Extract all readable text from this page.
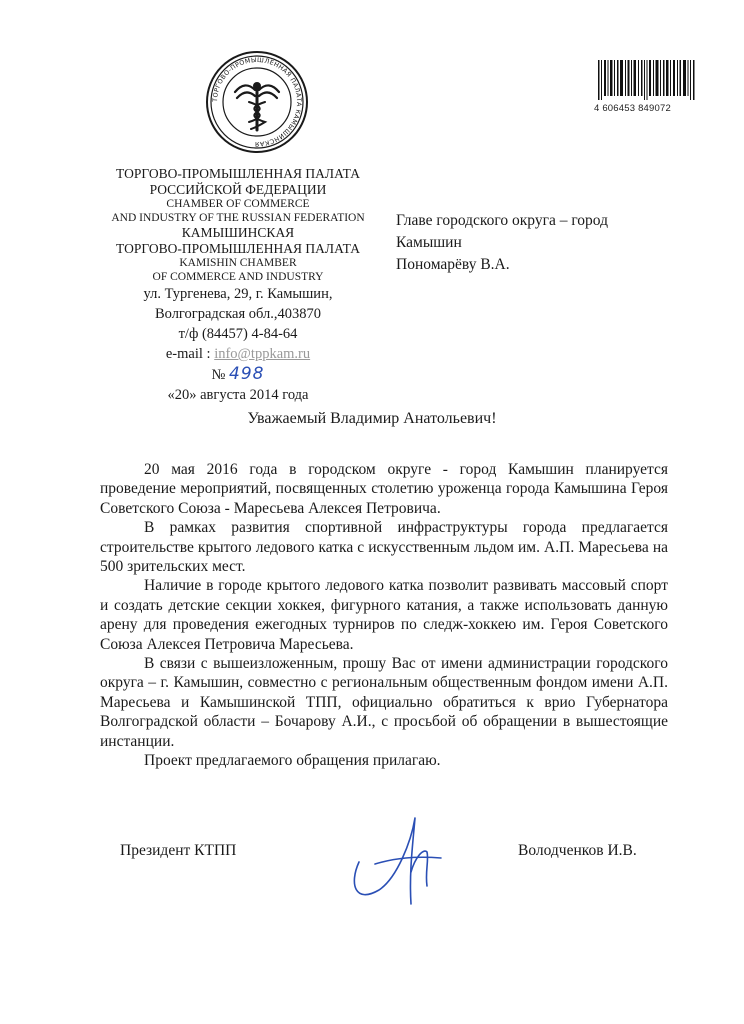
ТОРГОВО-ПРОМЫШЛЕННАЯ ПАЛАТА КАМЫШИНСКАЯ
4 606453 849072
ТОРГОВО-ПРОМЫШЛЕННАЯ ПАЛАТА
РОССИЙСКОЙ ФЕДЕРАЦИИ
CHAMBER OF COMMERCE
AND INDUSTRY OF THE RUSSIAN FEDERATION
КАМЫШИНСКАЯ
ТОРГОВО-ПРОМЫШЛЕННАЯ ПАЛАТА
KAMISHIN CHAMBER
OF COMMERCE AND INDUSTRY
ул. Тургенева, 29, г. Камышин,
Волгоградская обл.,403870
т/ф (84457) 4-84-64
e-mail : info@tppkam.ru
№ 498
«20» августа 2014 года
Главе городского округа – город
Камышин
Пономарёву В.А.
Уважаемый Владимир Анатольевич!

20 мая 2016 года в городском округе - город Камышин планируется проведение мероприятий, посвященных столетию уроженца города Камышина Героя Советского Союза - Маресьева Алексея Петровича.

В рамках развития спортивной инфраструктуры города предлагается строительстве крытого ледового катка с искусственным льдом им. А.П. Маресьева на 500 зрительских мест.

Наличие в городе крытого ледового катка позволит развивать массовый спорт и создать детские секции хоккея, фигурного катания, а также использовать данную арену для проведения ежегодных турниров по следж-хоккею им. Героя Советского Союза Алексея Петровича Маресьева.

В связи с вышеизложенным, прошу Вас от имени администрации городского округа – г. Камышин, совместно с региональным общественным фондом имени А.П. Маресьева и Камышинской ТПП, официально обратиться к врио Губернатора Волгоградской области – Бочарову А.И., с просьбой об обращении в вышестоящие инстанции.

Проект предлагаемого обращения прилагаю.

Президент КТПП	Володченков И.В.
